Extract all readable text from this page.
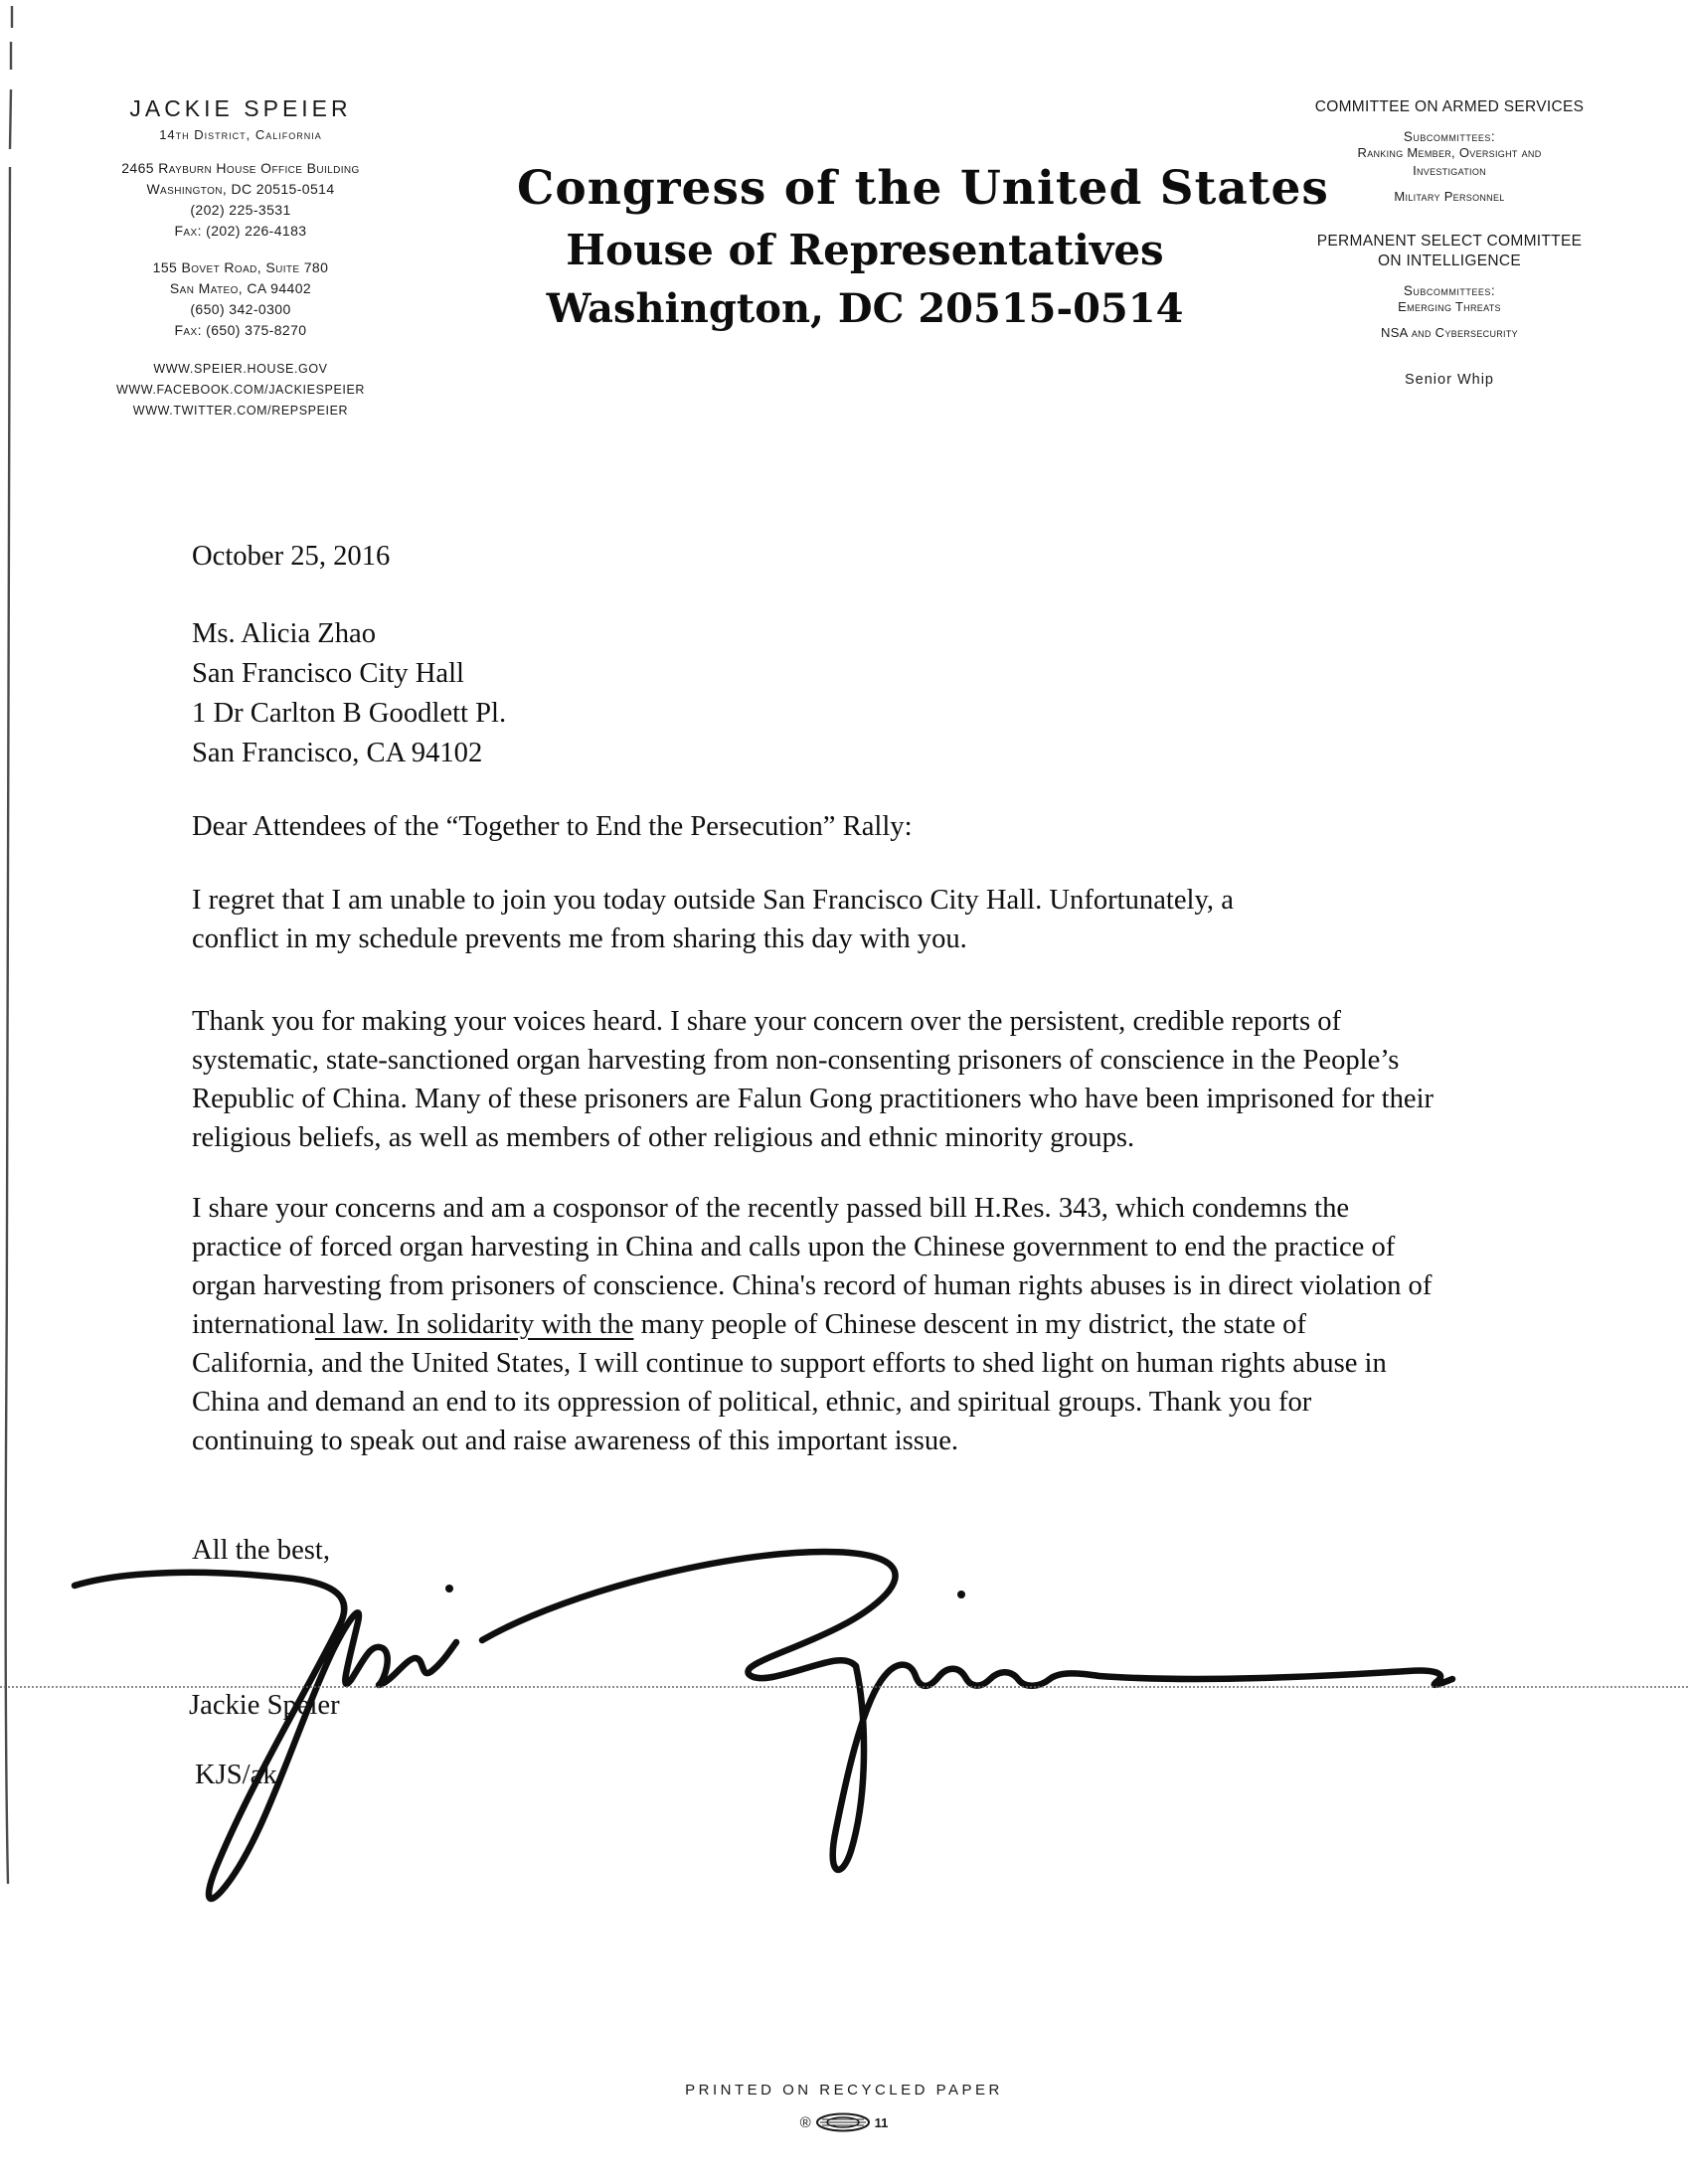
JACKIE SPEIER
14th District, California
2465 Rayburn House Office Building
Washington, DC 20515-0514
(202) 225-3531
Fax: (202) 226-4183
155 Bovet Road, Suite 780
San Mateo, CA 94402
(650) 342-0300
Fax: (650) 375-8270
WWW.SPEIER.HOUSE.GOV
WWW.FACEBOOK.COM/JACKIESPEIER
WWW.TWITTER.COM/REPSPEIER
Congress of the United States
House of Representatives
Washington, DC 20515-0514
COMMITTEE ON ARMED SERVICES
Subcommittees:
Ranking Member, Oversight and
Investigation
Military Personnel
PERMANENT SELECT COMMITTEE
ON INTELLIGENCE
Subcommittees:
Emerging Threats
NSA and Cybersecurity
Senior Whip
October 25, 2016
Ms. Alicia Zhao
San Francisco City Hall
1 Dr Carlton B Goodlett Pl.
San Francisco, CA 94102
Dear Attendees of the “Together to End the Persecution” Rally:
I regret that I am unable to join you today outside San Francisco City Hall. Unfortunately, a
conflict in my schedule prevents me from sharing this day with you.
Thank you for making your voices heard. I share your concern over the persistent, credible reports of
systematic, state-sanctioned organ harvesting from non-consenting prisoners of conscience in the People’s
Republic of China. Many of these prisoners are Falun Gong practitioners who have been imprisoned for their
religious beliefs, as well as members of other religious and ethnic minority groups.
I share your concerns and am a cosponsor of the recently passed bill H.Res. 343, which condemns the
practice of forced organ harvesting in China and calls upon the Chinese government to end the practice of
organ harvesting from prisoners of conscience. China's record of human rights abuses is in direct violation of
international law. In solidarity with the many people of Chinese descent in my district, the state of
California, and the United States, I will continue to support efforts to shed light on human rights abuse in
China and demand an end to its oppression of political, ethnic, and spiritual groups. Thank you for
continuing to speak out and raise awareness of this important issue.
All the best,
Jackie Speier
KJS/ak
PRINTED ON RECYCLED PAPER
®	11
